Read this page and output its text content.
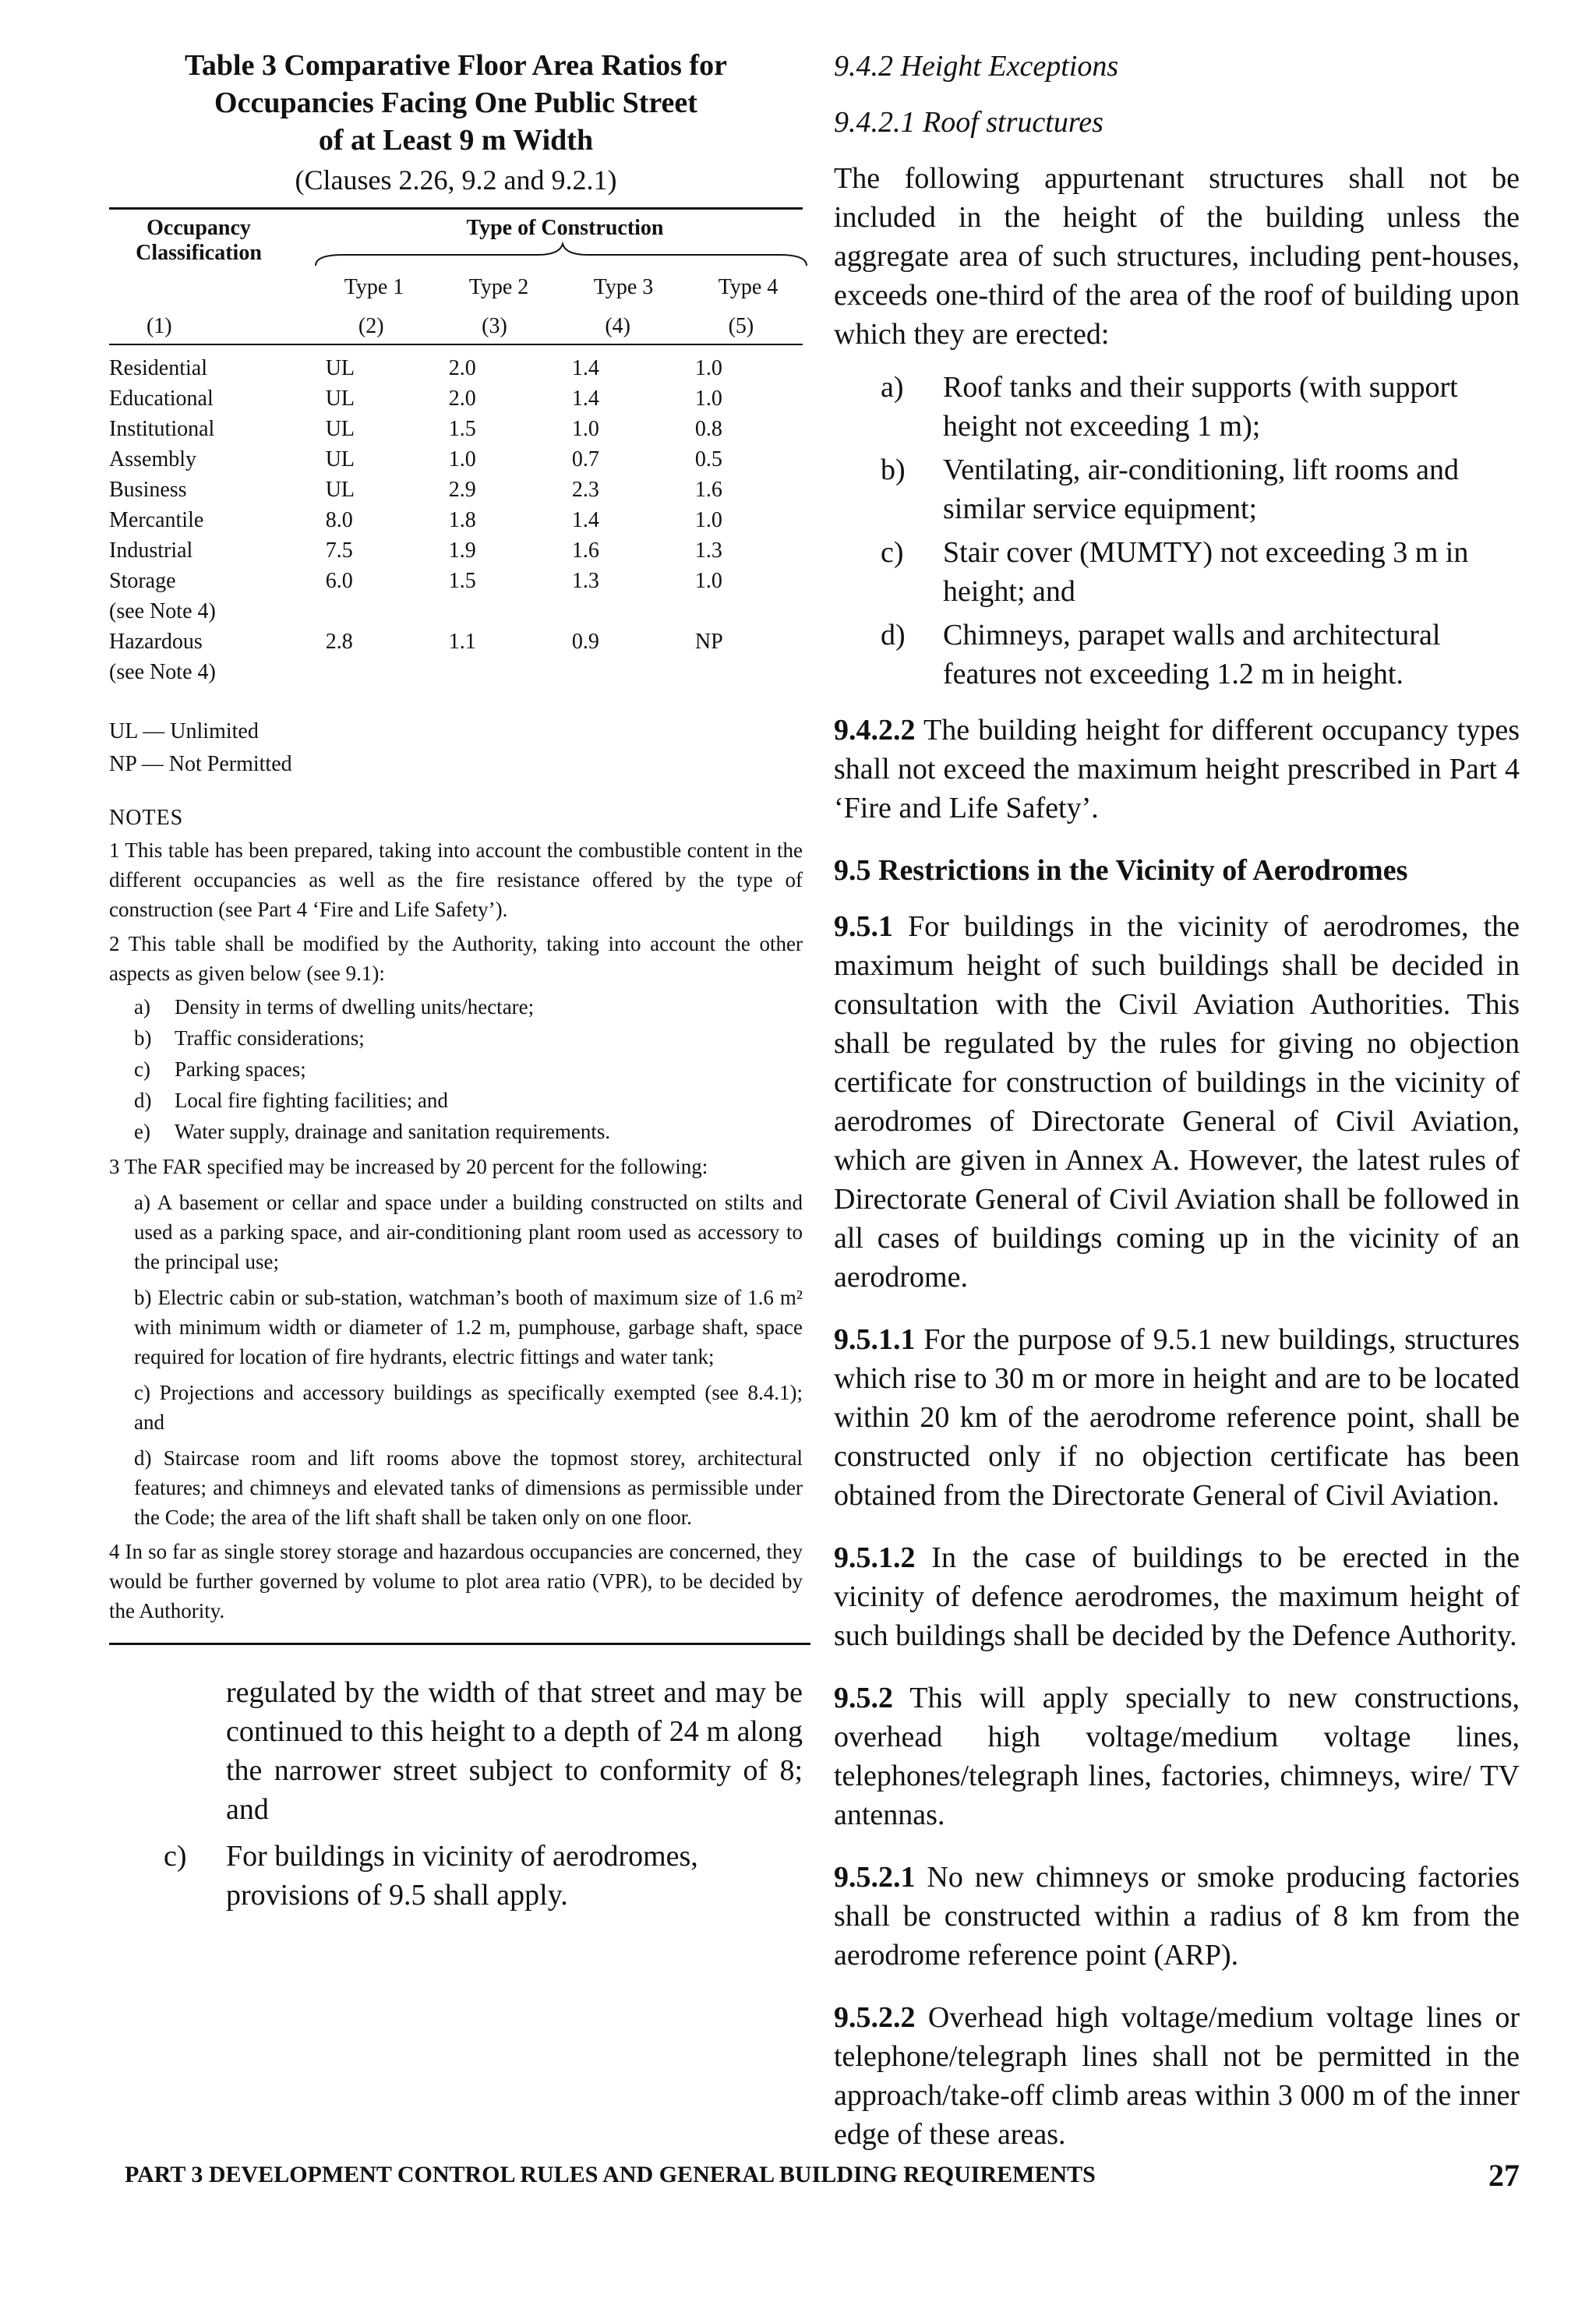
Table 3 Comparative Floor Area Ratios for
Occupancies Facing One Public Street
of at Least 9 m Width
(Clauses 2.26, 9.2 and 9.2.1)
Occupancy Classification
Type of Construction
Type 1	Type 2	Type 3	Type 4
(1)	(2)	(3)	(4)	(5)
Residential	UL	2.0	1.4	1.0

Educational	UL	2.0	1.4	1.0

Institutional	UL	1.5	1.0	0.8

Assembly	UL	1.0	0.7	0.5

Business	UL	2.9	2.3	1.6

Mercantile	8.0	1.8	1.4	1.0

Industrial	7.5	1.9	1.6	1.3

Storage
(see Note 4)	6.0	1.5	1.3	1.0

Hazardous
(see Note 4)	2.8	1.1	0.9	NP
UL — Unlimited
NP — Not Permitted
NOTES
1 This table has been prepared, taking into account the combustible content in the different occupancies as well as the fire resistance offered by the type of construction (see Part 4 ‘Fire and Life Safety’).
2 This table shall be modified by the Authority, taking into account the other aspects as given below (see 9.1):
a)	Density in terms of dwelling units/hectare;
b)	Traffic considerations;
c)	Parking spaces;
d)	Local fire fighting facilities; and
e)	Water supply, drainage and sanitation requirements.
3 The FAR specified may be increased by 20 percent for the following:
a) A basement or cellar and space under a building constructed on stilts and used as a parking space, and air-conditioning plant room used as accessory to the principal use;
b) Electric cabin or sub-station, watchman’s booth of maximum size of 1.6 m² with minimum width or diameter of 1.2 m, pumphouse, garbage shaft, space required for location of fire hydrants, electric fittings and water tank;
c) Projections and accessory buildings as specifically exempted (see 8.4.1); and
d) Staircase room and lift rooms above the topmost storey, architectural features; and chimneys and elevated tanks of dimensions as permissible under the Code; the area of the lift shaft shall be taken only on one floor.
4 In so far as single storey storage and hazardous occupancies are concerned, they would be further governed by volume to plot area ratio (VPR), to be decided by the Authority.
regulated by the width of that street and may be continued to this height to a depth of 24 m along the narrower street subject to conformity of 8; and
c)	For buildings in vicinity of aerodromes, provisions of 9.5 shall apply.

9.4.2 Height Exceptions

9.4.2.1 Roof structures

The following appurtenant structures shall not be included in the height of the building unless the aggregate area of such structures, including pent-houses, exceeds one-third of the area of the roof of building upon which they are erected:

a)	Roof tanks and their supports (with support height not exceeding 1 m);
b)	Ventilating, air-conditioning, lift rooms and similar service equipment;
c)	Stair cover (MUMTY) not exceeding 3 m in height; and
d)	Chimneys, parapet walls and architectural features not exceeding 1.2 m in height.

9.4.2.2 The building height for different occupancy types shall not exceed the maximum height prescribed in Part 4 ‘Fire and Life Safety’.

9.5 Restrictions in the Vicinity of Aerodromes

9.5.1 For buildings in the vicinity of aerodromes, the maximum height of such buildings shall be decided in consultation with the Civil Aviation Authorities. This shall be regulated by the rules for giving no objection certificate for construction of buildings in the vicinity of aerodromes of Directorate General of Civil Aviation, which are given in Annex A. However, the latest rules of Directorate General of Civil Aviation shall be followed in all cases of buildings coming up in the vicinity of an aerodrome.

9.5.1.1 For the purpose of 9.5.1 new buildings, structures which rise to 30 m or more in height and are to be located within 20 km of the aerodrome reference point, shall be constructed only if no objection certificate has been obtained from the Directorate General of Civil Aviation.

9.5.1.2 In the case of buildings to be erected in the vicinity of defence aerodromes, the maximum height of such buildings shall be decided by the Defence Authority.

9.5.2 This will apply specially to new constructions, overhead high voltage/medium voltage lines, telephones/telegraph lines, factories, chimneys, wire/ TV antennas.

9.5.2.1 No new chimneys or smoke producing factories shall be constructed within a radius of 8 km from the aerodrome reference point (ARP).

9.5.2.2 Overhead high voltage/medium voltage lines or telephone/telegraph lines shall not be permitted in the approach/take-off climb areas within 3 000 m of the inner edge of these areas.

PART 3 DEVELOPMENT CONTROL RULES AND GENERAL BUILDING REQUIREMENTS	27
